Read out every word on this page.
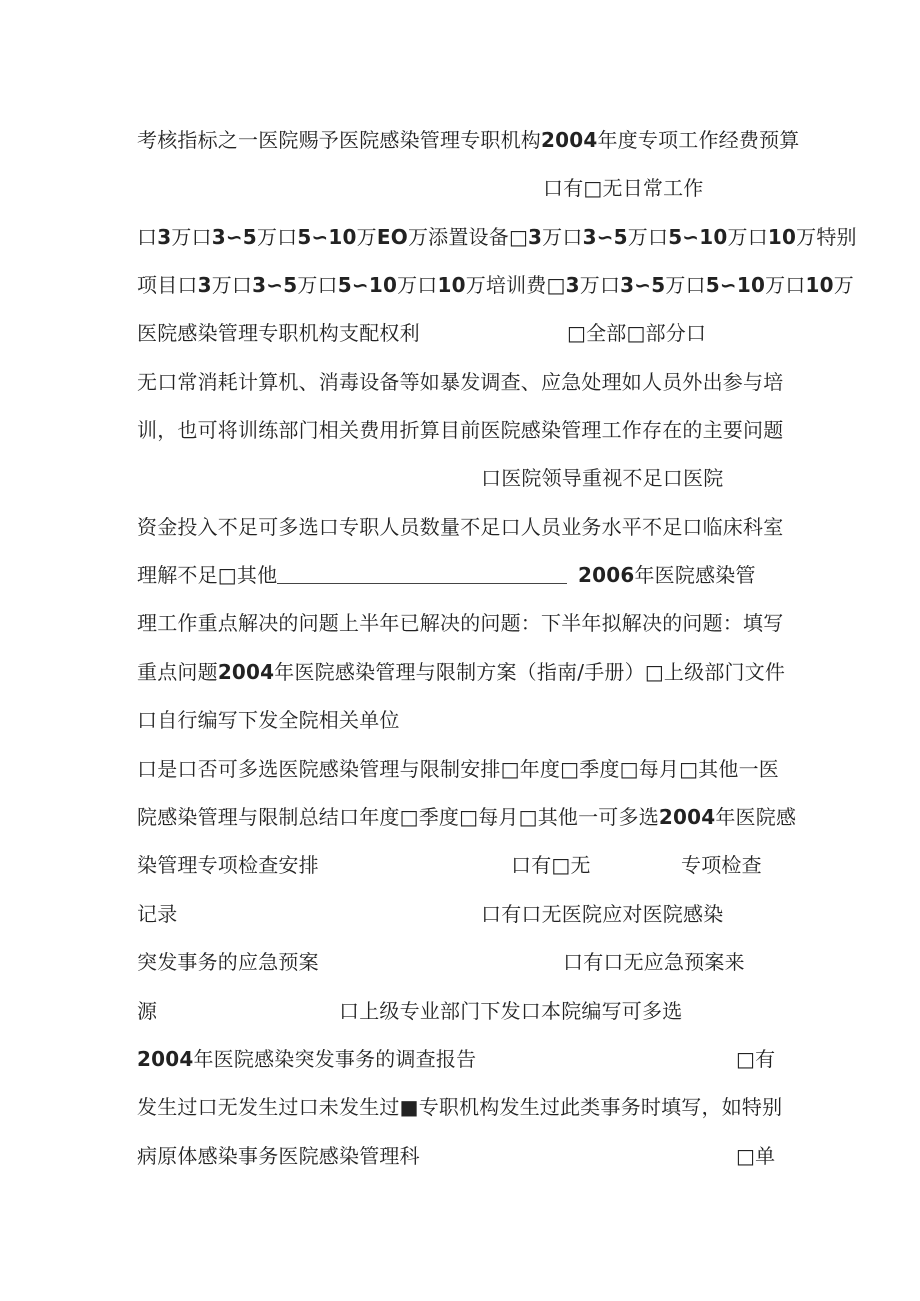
考核指标之一医院赐予医院感染管理专职机构2004年度专项工作经费预算

口有□无日常工作

口3万口3∽5万口5∽10万EO万添置设备□3万口3∽5万口5∽10万口10万特别

项目口3万口3∽5万口5∽10万口10万培训费□3万口3∽5万口5∽10万口10万

医院感染管理专职机构支配权利	□全部□部分口

无口常消耗计算机、消毒设备等如暴发调查、应急处理如人员外出参与培

训，也可将训练部门相关费用折算目前医院感染管理工作存在的主要问题

口医院领导重视不足口医院

资金投入不足可多选口专职人员数量不足口人员业务水平不足口临床科室

理解不足□其他	2006年医院感染管

理工作重点解决的问题上半年已解决的问题：下半年拟解决的问题：填写

重点问题2004年医院感染管理与限制方案（指南/手册）□上级部门文件

口自行编写下发全院相关单位

口是口否可多选医院感染管理与限制安排□年度□季度□每月□其他一医

院感染管理与限制总结口年度□季度□每月□其他一可多选2004年医院感

染管理专项检查安排	口有□无	专项检查

记录	口有口无医院应对医院感染

突发事务的应急预案	口有口无应急预案来

源	口上级专业部门下发口本院编写可多选

2004年医院感染突发事务的调查报告	□有

发生过口无发生过口未发生过■专职机构发生过此类事务时填写，如特别

病原体感染事务医院感染管理科	□单
